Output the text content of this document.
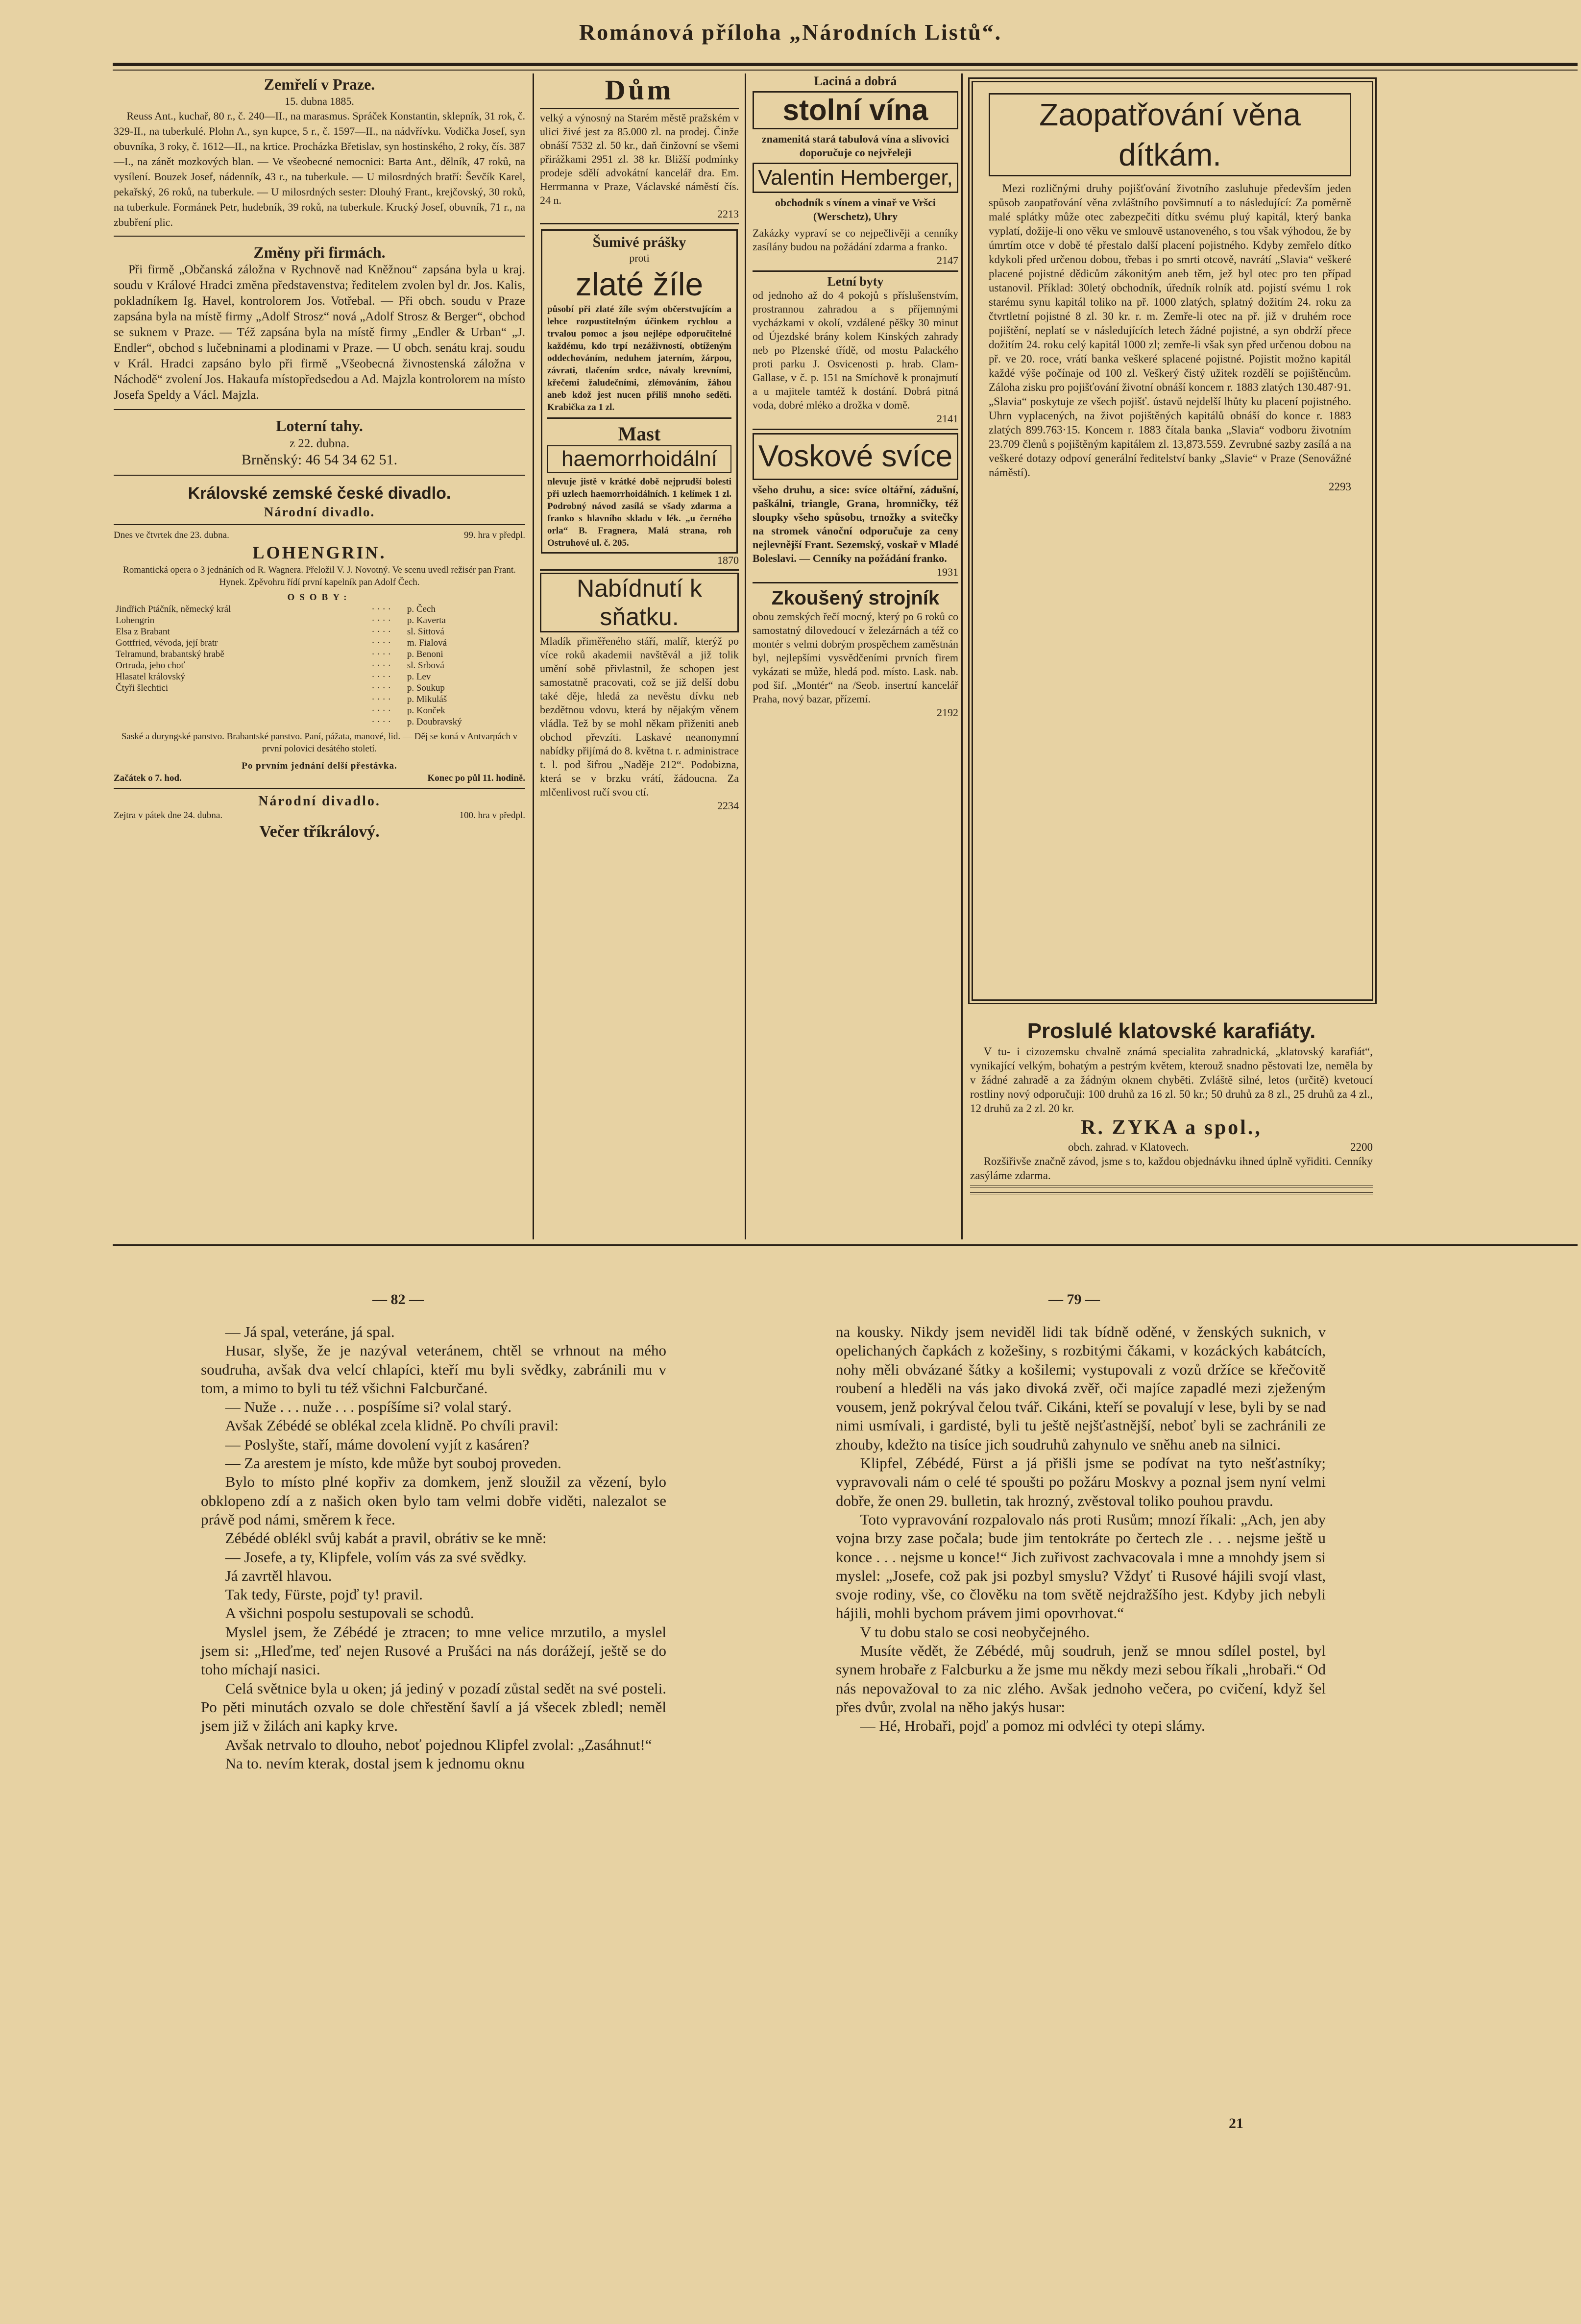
Románová příloha „Národních Listů“.
Zemřelí v Praze.
15. dubna 1885.

Reuss Ant., kuchař, 80 r., č. 240—II., na marasmus. Spráček Konstantin, sklepník, 31 rok, č. 329-II., na tuberkulé. Plohn A., syn kupce, 5 r., č. 1597—II., na nádvřívku. Vodička Josef, syn obuvníka, 3 roky, č. 1612—II., na krtice. Procházka Břetislav, syn hostinského, 2 roky, čís. 387—I., na zánět mozkových blan. — Ve všeobecné nemocnici: Barta Ant., dělník, 47 roků, na vysílení. Bouzek Josef, nádenník, 43 r., na tuberkule. — U milosrdných bratří: Ševčík Karel, pekařský, 26 roků, na tuberkule. — U milosrdných sester: Dlouhý Frant., krejčovský, 30 roků, na tuberkule. Formánek Petr, hudebník, 39 roků, na tuberkule. Krucký Josef, obuvník, 71 r., na zbubření plic.

Změny při firmách.

Při firmě „Občanská záložna v Rychnově nad Kněžnou“ zapsána byla u kraj. soudu v Králové Hradci změna představenstva; ředitelem zvolen byl dr. Jos. Kalis, pokladníkem Ig. Havel, kontrolorem Jos. Votřebal. — Při obch. soudu v Praze zapsána byla na místě firmy „Adolf Strosz“ nová „Adolf Strosz & Berger“, obchod se suknem v Praze. — Též zapsána byla na místě firmy „Endler & Urban“ „J. Endler“, obchod s lučebninami a plodinami v Praze. — U obch. senátu kraj. soudu v Král. Hradci zapsáno bylo při firmě „Všeobecná živnostenská záložna v Náchodě“ zvolení Jos. Hakaufa místopředsedou a Ad. Majzla kontrolorem na místo Josefa Speldy a Václ. Majzla.

Loterní tahy.
z 22. dubna.
Brněnský: 46 54 34 62 51.
Královské zemské české divadlo.
Národní divadlo.
Dnes ve čtvrtek dne 23. dubna.	99. hra v předpl.
LOHENGRIN.
Romantická opera o 3 jednáních od R. Wagnera. Přeložil V. J. Novotný. Ve scenu uvedl režisér pan Frant. Hynek. Zpěvohru řídí první kapelník pan Adolf Čech.
OSOBY:
Jindřich Ptáčník, německý král	· · · ·	p. Čech
Lohengrin	· · · ·	p. Kaverta
Elsa z Brabant	· · · ·	sl. Sittová
Gottfried, vévoda, její bratr	· · · ·	m. Fialová
Telramund, brabantský hrabě	· · · ·	p. Benoni
Ortruda, jeho choť	· · · ·	sl. Srbová
Hlasatel královský	· · · ·	p. Lev
Čtyři šlechtici	· · · ·	p. Soukup
	· · · ·	p. Mikuláš
	· · · ·	p. Konček
	· · · ·	p. Doubravský
Saské a duryngské panstvo. Brabantské panstvo. Paní, pážata, manové, lid. — Děj se koná v Antvarpách v první polovici desátého století.
Po prvním jednání delší přestávka.
Začátek o 7. hod.	Konec po půl 11. hodině.
Národní divadlo.
Zejtra v pátek dne 24. dubna.	100. hra v předpl.
Večer tříkrálový.
Dům
velký a výnosný na Starém městě pražském v ulici živé jest za 85.000 zl. na prodej. Činže obnáší 7532 zl. 50 kr., daň činžovní se všemi přirážkami 2951 zl. 38 kr. Bližší podmínky prodeje sdělí advokátní kancelář dra. Em. Herrmanna v Praze, Václavské náměstí čís. 24 n.
2213
Šumivé prášky
proti
zlaté žíle
působí při zlaté žíle svým občerstvujícím a lehce rozpustitelným účinkem rychlou a trvalou pomoc a jsou nejlépe odporučitelné každému, kdo trpí nezáživností, obtíženým oddechováním, neduhem jaterním, žárpou, závrati, tlačením srdce, návaly krevními, křečemi žaludečními, zlémováním, žáhou aneb kdož jest nucen přiliš mnoho seděti. Krabička za 1 zl.
Mast
haemorrhoidální
nlevuje jistě v krátké době nejprudší bolesti při uzlech haemorrhoidálních. 1 kelímek 1 zl. Podrobný návod zasílá se všady zdarma a franko s hlavního skladu v lék. „u černého orla“ B. Fragnera, Malá strana, roh Ostruhové ul. č. 205.
1870
Nabídnutí k sňatku.
Mladík přiměřeného stáří, malíř, kterýž po více roků akademii navštěvál a již tolik umění sobě přivlastnil, že schopen jest samostatně pracovati, což se již delší dobu také děje, hledá za nevěstu dívku neb bezdětnou vdovu, která by nějakým věnem vládla. Tež by se mohl někam přiženiti aneb obchod převzíti. Laskavé neanonymní nabídky přijímá do 8. května t. r. administrace t. l. pod šifrou „Naděje 212“. Podobizna, která se v brzku vrátí, žádoucna. Za mlčenlivost ručí svou ctí.
2234
Laciná a dobrá
stolní vína
znamenitá stará tabulová vína a slivovici doporučuje co nejvřeleji
Valentin Hemberger,
obchodník s vínem a vinař ve Vršci (Werschetz), Uhry
Zakázky vypraví se co nejpečlivěji a cenníky zasílány budou na požádání zdarma a franko.
2147
Letní byty
od jednoho až do 4 pokojů s příslušenstvím, prostrannou zahradou a s příjemnými vycházkami v okolí, vzdálené pěšky 30 minut od Újezdské brány kolem Kinských zahrady neb po Plzenské třídě, od mostu Palackého proti parku J. Osvicenosti p. hrab. Clam-Gallase, v č. p. 151 na Smíchově k pronajmutí a u majitele tamtéž k dostání. Dobrá pitná voda, dobré mléko a drožka v domě.
2141
Voskové svíce
všeho druhu, a sice: svíce oltářní, zádušní, paškálni, triangle, Grana, hromničky, též sloupky všeho spůsobu, trnožky a svitečky na stromek vánoční odporučuje za ceny nejlevnější Frant. Sezemský, voskař v Mladé Boleslavi. — Cenníky na požádání franko.
1931
Zkoušený strojník
obou zemských řečí mocný, který po 6 roků co samostatný dilovedoucí v železárnách a též co montér s velmi dobrým prospěchem zaměstnán byl, nejlepšími vysvědčeními prvních firem vykázati se může, hledá pod. místo. Lask. nab. pod šif. „Montér“ na /Seob. insertní kancelář Praha, nový bazar, přízemí.
2192
Zaopatřování věna dítkám.

Mezi rozličnými druhy pojišťování životního zasluhuje především jeden spůsob zaopatřování věna zvláštního povšimnutí a to následující: Za poměrně malé splátky může otec zabezpečiti dítku svému pluý kapitál, který banka vyplatí, dožije-li ono věku ve smlouvě ustanoveného, s tou však výhodou, že by úmrtím otce v době té přestalo další placení pojistného. Kdyby zemřelo dítko kdykoli před určenou dobou, třebas i po smrti otcově, navrátí „Slavia“ veškeré placené pojistné dědicům zákonitým aneb těm, jež byl otec pro ten případ ustanovil. Příklad: 30letý obchodník, úředník rolník atd. pojistí svému 1 rok starému synu kapitál toliko na př. 1000 zlatých, splatný dožitím 24. roku za čtvrtletní pojistné 8 zl. 30 kr. r. m. Zemře-li otec na př. již v druhém roce pojištění, neplatí se v následujících letech žádné pojistné, a syn obdrží přece dožitím 24. roku celý kapitál 1000 zl; zemře-li však syn před určenou dobou na př. ve 20. roce, vrátí banka veškeré splacené pojistné. Pojistit možno kapitál každé výše počínaje od 100 zl. Veškerý čistý užitek rozdělí se pojištěncům. Záloha zisku pro pojišťování životní obnáší koncem r. 1883 zlatých 130.487·91. „Slavia“ poskytuje ze všech pojišť. ústavů nejdelší lhůty ku placení pojistného. Uhrn vyplacených, na život pojištěných kapitálů obnáší do konce r. 1883 zlatých 899.763·15. Koncem r. 1883 čítala banka „Slavia“ vodboru životním 23.709 členů s pojištěným kapitálem zl. 13,873.559. Zevrubné sazby zasílá a na veškeré dotazy odpoví generální ředitelství banky „Slavie“ v Praze (Senovážné náměstí).

2293
Proslulé klatovské karafiáty.

V tu- i cizozemsku chvalně známá specialita zahradnická, „klatovský karafiát“, vynikající velkým, bohatým a pestrým květem, kterouž snadno pěstovati lze, neměla by v žádné zahradě a za žádným oknem chyběti. Zvláště silné, letos (určitě) kvetoucí rostliny nový odporučuji: 100 druhů za 16 zl. 50 kr.; 50 druhů za 8 zl., 25 druhů za 4 zl., 12 druhů za 2 zl. 20 kr.

R. ZYKA a spol.,
obch. zahrad. v Klatovech.	2200

Rozšiřivše značně závod, jsme s to, každou objednávku ihned úplně vyřiditi. Cenníky zasýláme zdarma.

— 82 —	— 79 —

— Já spal, veteráne, já spal.

Husar, slyše, že je nazýval veteránem, chtěl se vrhnout na mého soudruha, avšak dva velcí chlapíci, kteří mu byli svědky, zabránili mu v tom, a mimo to byli tu též všichni Falcburčané.

— Nuže . . . nuže . . . pospíšíme si? volal starý.

Avšak Zébédé se oblékal zcela klidně. Po chvíli pravil:

— Poslyšte, staří, máme dovolení vyjít z kasáren?

— Za arestem je místo, kde může byt souboj proveden.

Bylo to místo plné kopřiv za domkem, jenž sloužil za vězení, bylo obklopeno zdí a z našich oken bylo tam velmi dobře viděti, nalezalot se právě pod námi, směrem k řece.

Zébédé oblékl svůj kabát a pravil, obrátiv se ke mně:

— Josefe, a ty, Klipfele, volím vás za své svědky.

Já zavrtěl hlavou.

Tak tedy, Fürste, pojď ty! pravil.

A všichni pospolu sestupovali se schodů.

Myslel jsem, že Zébédé je ztracen; to mne velice mrzutilo, a myslel jsem si: „Hleďme, teď nejen Rusové a Prušáci na nás dorážejí, ještě se do toho míchají nasici.

Celá světnice byla u oken; já jediný v pozadí zůstal sedět na své posteli. Po pěti minutách ozvalo se dole chřestění šavlí a já všecek zbledl; neměl jsem již v žilách ani kapky krve.

Avšak netrvalo to dlouho, neboť pojednou Klipfel zvolal: „Zasáhnut!“

Na to. nevím kterak, dostal jsem k jednomu oknu

na kousky. Nikdy jsem neviděl lidi tak bídně oděné, v ženských suknich, v opelichaných čapkách z kožešiny, s rozbitými čákami, v kozáckých kabátcích, nohy měli obvázané šátky a košilemi; vystupovali z vozů držíce se křečovitě roubení a hleděli na vás jako divoká zvěř, oči majíce zapadlé mezi zježeným vousem, jenž pokrýval čelou tvář. Cikáni, kteří se povalují v lese, byli by se nad nimi usmívali, i gardisté, byli tu ještě nejšťastnější, neboť byli se zachránili ze zhouby, kdežto na tisíce jich soudruhů zahynulo ve sněhu aneb na silnici.

Klipfel, Zébédé, Fürst a já přišli jsme se podívat na tyto nešťastníky; vypravovali nám o celé té spoušti po požáru Moskvy a poznal jsem nyní velmi dobře, že onen 29. bulletin, tak hrozný, zvěstoval toliko pouhou pravdu.

Toto vypravování rozpalovalo nás proti Rusům; mnozí říkali: „Ach, jen aby vojna brzy zase počala; bude jim tentokráte po čertech zle . . . nejsme ještě u konce . . . nejsme u konce!“ Jich zuřivost zachvacovala i mne a mnohdy jsem si myslel: „Josefe, což pak jsi pozbyl smyslu? Vždyť ti Rusové hájili svojí vlast, svoje rodiny, vše, co člověku na tom světě nejdražšího jest. Kdyby jich nebyli hájili, mohli bychom právem jimi opovrhovat.“

V tu dobu stalo se cosi neobyčejného.

Musíte vědět, že Zébédé, můj soudruh, jenž se mnou sdílel postel, byl synem hrobaře z Falcburku a že jsme mu někdy mezi sebou říkali „hrobaři.“ Od nás nepovažoval to za nic zlého. Avšak jednoho večera, po cvičení, když šel přes dvůr, zvolal na něho jakýs husar:

— Hé, Hrobaři, pojď a pomoz mi odvléci ty otepi slámy.

21
